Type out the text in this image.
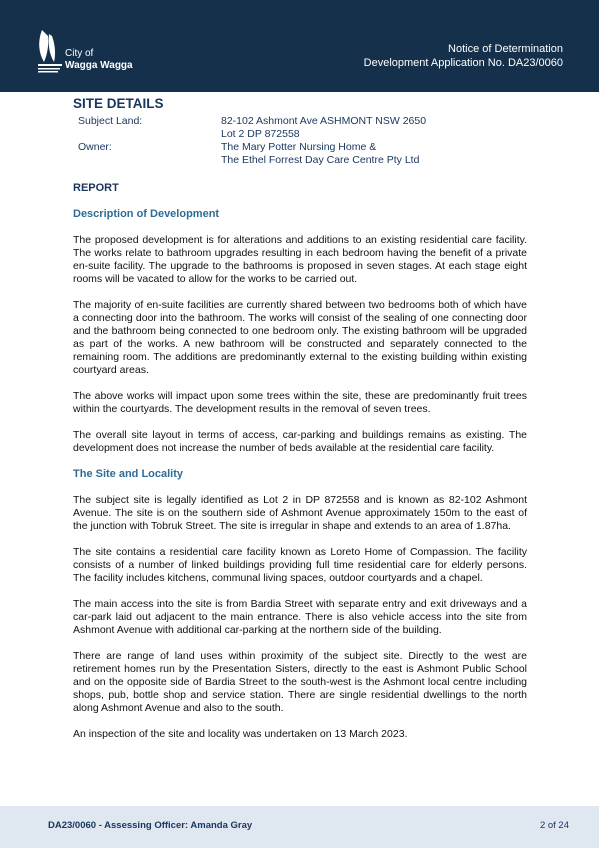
City of
Wagga Wagga
Notice of Determination
Development Application No. DA23/0060
SITE DETAILS
Subject Land:	82-102 Ashmont Ave ASHMONT NSW 2650
Lot 2 DP 872558
Owner:	The Mary Potter Nursing Home &
The Ethel Forrest Day Care Centre Pty Ltd
REPORT
Description of Development

The proposed development is for alterations and additions to an existing residential care facility. The works relate to bathroom upgrades resulting in each bedroom having the benefit of a private en-suite facility. The upgrade to the bathrooms is proposed in seven stages. At each stage eight rooms will be vacated to allow for the works to be carried out.

The majority of en-suite facilities are currently shared between two bedrooms both of which have a connecting door into the bathroom. The works will consist of the sealing of one connecting door and the bathroom being connected to one bedroom only. The existing bathroom will be upgraded as part of the works. A new bathroom will be constructed and separately connected to the remaining room. The additions are predominantly external to the existing building within existing courtyard areas.

The above works will impact upon some trees within the site, these are predominantly fruit trees within the courtyards. The development results in the removal of seven trees.

The overall site layout in terms of access, car-parking and buildings remains as existing. The development does not increase the number of beds available at the residential care facility.

The Site and Locality

The subject site is legally identified as Lot 2 in DP 872558 and is known as 82-102 Ashmont Avenue. The site is on the southern side of Ashmont Avenue approximately 150m to the east of the junction with Tobruk Street. The site is irregular in shape and extends to an area of 1.87ha.

The site contains a residential care facility known as Loreto Home of Compassion. The facility consists of a number of linked buildings providing full time residential care for elderly persons. The facility includes kitchens, communal living spaces, outdoor courtyards and a chapel.

The main access into the site is from Bardia Street with separate entry and exit driveways and a car-park laid out adjacent to the main entrance. There is also vehicle access into the site from Ashmont Avenue with additional car-parking at the northern side of the building.

There are range of land uses within proximity of the subject site. Directly to the west are retirement homes run by the Presentation Sisters, directly to the east is Ashmont Public School and on the opposite side of Bardia Street to the south-west is the Ashmont local centre including shops, pub, bottle shop and service station. There are single residential dwellings to the north along Ashmont Avenue and also to the south.

An inspection of the site and locality was undertaken on 13 March 2023.

DA23/0060 - Assessing Officer: Amanda Gray	2 of 24
